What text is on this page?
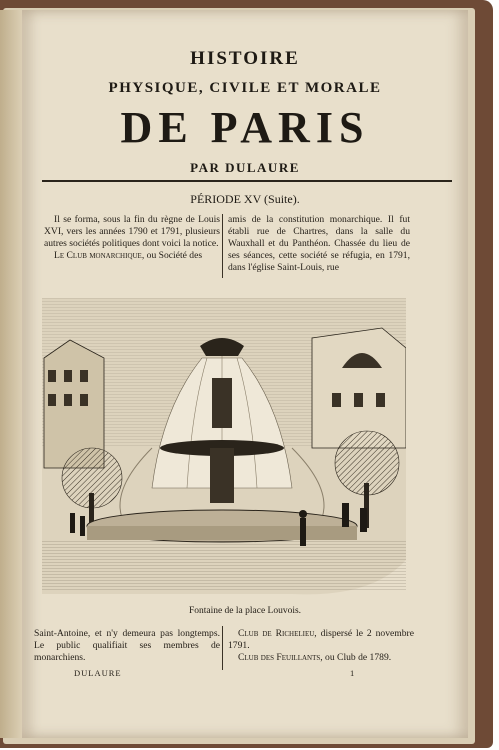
HISTOIRE
PHYSIQUE, CIVILE ET MORALE
DE PARIS
PAR DULAURE
PÉRIODE XV (Suite).

Il se forma, sous la fin du règne de Louis XVI, vers les années 1790 et 1791, plusieurs autres sociétés politiques dont voici la notice.

Le Club monarchique, ou Société des

amis de la constitution monarchique. Il fut établi rue de Chartres, dans la salle du Wauxhall et du Panthéon. Chassée du lieu de ses séances, cette société se réfugia, en 1791, dans l'église Saint-Louis, rue

Fontaine de la place Louvois.

Saint-Antoine, et n'y demeura pas longtemps. Le public qualifiait ses membres de monarchiens.

Club de Richelieu, dispersé le 2 novembre 1791.

Club des Feuillants, ou Club de 1789.

DULAURE	1
